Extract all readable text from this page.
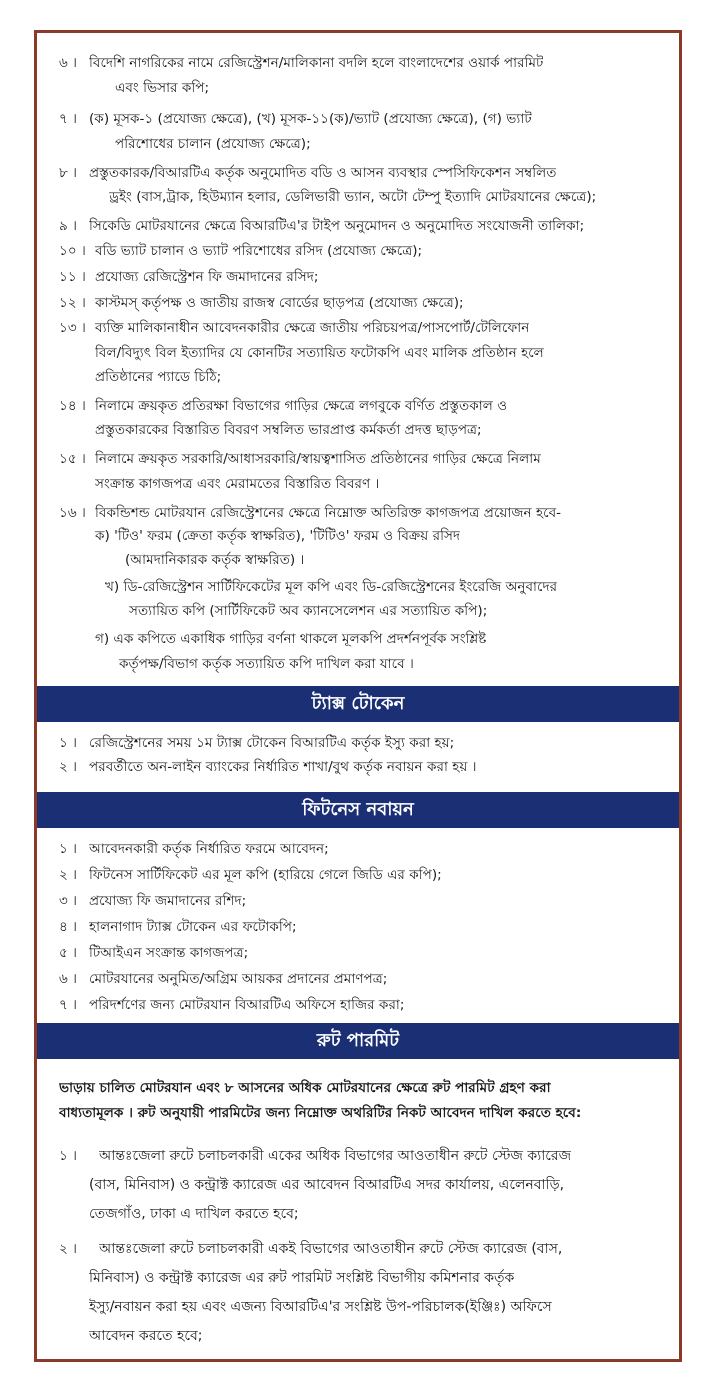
৬ । বিদেশি নাগরিকের নামে রেজিস্ট্রেশন/মালিকানা বদলি হলে বাংলাদেশের ওয়ার্ক পারমিট
এবং ভিসার কপি;
৭ । (ক) মূসক-১ (প্রযোজ্য ক্ষেত্রে), (খ) মূসক-১১(ক)/ভ্যাট (প্রযোজ্য ক্ষেত্রে), (গ) ভ্যাট
পরিশোধের চালান (প্রযোজ্য ক্ষেত্রে);
৮ । প্রস্তুতকারক/বিআরটিএ কর্তৃক অনুমোদিত বডি ও আসন ব্যবস্থার স্পেসিফিকেশন সম্বলিত
ড্রইং (বাস,ট্রাক, হিউম্যান হলার, ডেলিভারী ভ্যান, অটো টেম্পু ইত্যাদি মোটরযানের ক্ষেত্রে);
৯ । সিকেডি মোটরযানের ক্ষেত্রে বিআরটিএ'র টাইপ অনুমোদন ও অনুমোদিত সংযোজনী তালিকা;
১০ । বডি ভ্যাট চালান ও ভ্যাট পরিশোধের রসিদ (প্রযোজ্য ক্ষেত্রে);
১১ । প্রযোজ্য রেজিস্ট্রেশন ফি জমাদানের রসিদ;
১২ । কাস্টমস্ কর্তৃপক্ষ ও জাতীয় রাজস্ব বোর্ডের ছাড়পত্র (প্রযোজ্য ক্ষেত্রে);
১৩ । ব্যক্তি মালিকানাধীন আবেদনকারীর ক্ষেত্রে জাতীয় পরিচয়পত্র/পাসপোর্ট/টেলিফোন
বিল/বিদ্যুৎ বিল ইত্যাদির যে কোনটির সত্যায়িত ফটোকপি এবং মালিক প্রতিষ্ঠান হলে
প্রতিষ্ঠানের প্যাডে চিঠি;
১৪ । নিলামে ক্রয়কৃত প্রতিরক্ষা বিভাগের গাড়ির ক্ষেত্রে লগবুকে বর্ণিত প্রস্তুতকাল ও
প্রস্তুতকারকের বিস্তারিত বিবরণ সম্বলিত ভারপ্রাপ্ত কর্মকর্তা প্রদত্ত ছাড়পত্র;
১৫ । নিলামে ক্রয়কৃত সরকারি/আধাসরকারি/স্বায়ত্বশাসিত প্রতিষ্ঠানের গাড়ির ক্ষেত্রে নিলাম
সংক্রান্ত কাগজপত্র এবং মেরামতের বিস্তারিত বিবরণ ।
১৬ । বিকন্ডিশন্ড মোটরযান রেজিস্ট্রেশনের ক্ষেত্রে নিম্নোক্ত অতিরিক্ত কাগজপত্র প্রয়োজন হবে-
ক) 'টিও' ফরম (ক্রেতা কর্তৃক স্বাক্ষরিত), 'টিটিও' ফরম ও বিক্রয় রসিদ
(আমদানিকারক কর্তৃক স্বাক্ষরিত) ।
খ) ডি-রেজিস্ট্রেশন সার্টিফিকেটের মূল কপি এবং ডি-রেজিস্ট্রেশনের ইংরেজি অনুবাদের
সত্যায়িত কপি (সার্টিফিকেট অব ক্যানসেলেশন এর সত্যায়িত কপি);
গ) এক কপিতে একাধিক গাড়ির বর্ণনা থাকলে মূলকপি প্রদর্শনপূর্বক সংশ্লিষ্ট
কর্তৃপক্ষ/বিভাগ কর্তৃক সত্যায়িত কপি দাখিল করা যাবে ।
ট্যাক্স টোকেন
১ । রেজিস্ট্রেশনের সময় ১ম ট্যাক্স টোকেন বিআরটিএ কর্তৃক ইস্যু করা হয়;
২ । পরবর্তীতে অন-লাইন ব্যাংকের নির্ধারিত শাখা/বুথ কর্তৃক নবায়ন করা হয় ।
ফিটনেস নবায়ন
১ । আবেদনকারী কর্তৃক নির্ধারিত ফরমে আবেদন;
২ । ফিটনেস সার্টিফিকেট এর মূল কপি (হারিয়ে গেলে জিডি এর কপি);
৩ । প্রযোজ্য ফি জমাদানের রশিদ;
৪ । হালনাগাদ ট্যাক্স টোকেন এর ফটোকপি;
৫ । টিআইএন সংক্রান্ত কাগজপত্র;
৬ । মোটরযানের অনুমিত/অগ্রিম আয়কর প্রদানের প্রমাণপত্র;
৭ । পরিদর্শণের জন্য মোটরযান বিআরটিএ অফিসে হাজির করা;
রুট পারমিট
ভাড়ায় চালিত মোটরযান এবং ৮ আসনের অধিক মোটরযানের ক্ষেত্রে রুট পারমিট গ্রহণ করা
বাধ্যতামূলক । রুট অনুযায়ী পারমিটের জন্য নিম্নোক্ত অথরিটির নিকট আবেদন দাখিল করতে হবে:
১ । আন্তঃজেলা রুটে চলাচলকারী একের অধিক বিভাগের আওতাধীন রুটে স্টেজ ক্যারেজ
(বাস, মিনিবাস) ও কন্ট্রাক্ট ক্যারেজ এর আবেদন বিআরটিএ সদর কার্যালয়, এলেনবাড়ি,
তেজগাঁও, ঢাকা এ দাখিল করতে হবে;
২ । আন্তঃজেলা রুটে চলাচলকারী একই বিভাগের আওতাধীন রুটে স্টেজ ক্যারেজ (বাস,
মিনিবাস) ও কন্ট্রাক্ট ক্যারেজ এর রুট পারমিট সংশ্লিষ্ট বিভাগীয় কমিশনার কর্তৃক
ইস্যু/নবায়ন করা হয় এবং এজন্য বিআরটিএ'র সংশ্লিষ্ট উপ-পরিচালক(ইঞ্জিঃ) অফিসে
আবেদন করতে হবে;
